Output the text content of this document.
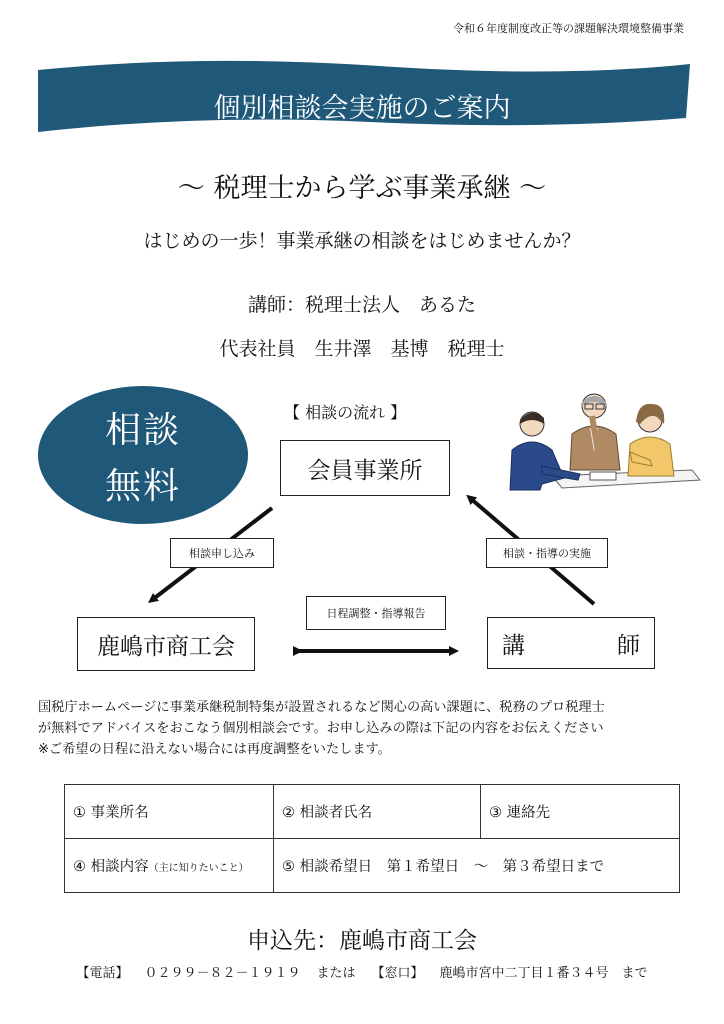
令和６年度制度改正等の課題解決環境整備事業
個別相談会実施のご案内
～ 税理士から学ぶ事業承継 ～
はじめの一歩！事業承継の相談をはじめませんか？
講師：税理士法人　あるた
代表社員　生井澤　基博　税理士
相談
無料
【 相談の流れ 】
会員事業所
鹿嶋市商工会	講	師
相談申し込み	相談・指導の実施
日程調整・指導報告
国税庁ホームページに事業承継税制特集が設置されるなど関心の高い課題に、税務のプロ税理士
が無料でアドバイスをおこなう個別相談会です。お申し込みの際は下記の内容をお伝えください
※ご希望の日程に沿えない場合には再度調整をいたします。
① 事業所名	② 相談者氏名	③ 連絡先
④ 相談内容（主に知りたいこと）	⑤ 相談希望日　第１希望日　～　第３希望日まで	
申込先：鹿嶋市商工会
【電話】 ０２９９－８２－１９１９ または 【窓口】 鹿嶋市宮中二丁目１番３４号　まで
